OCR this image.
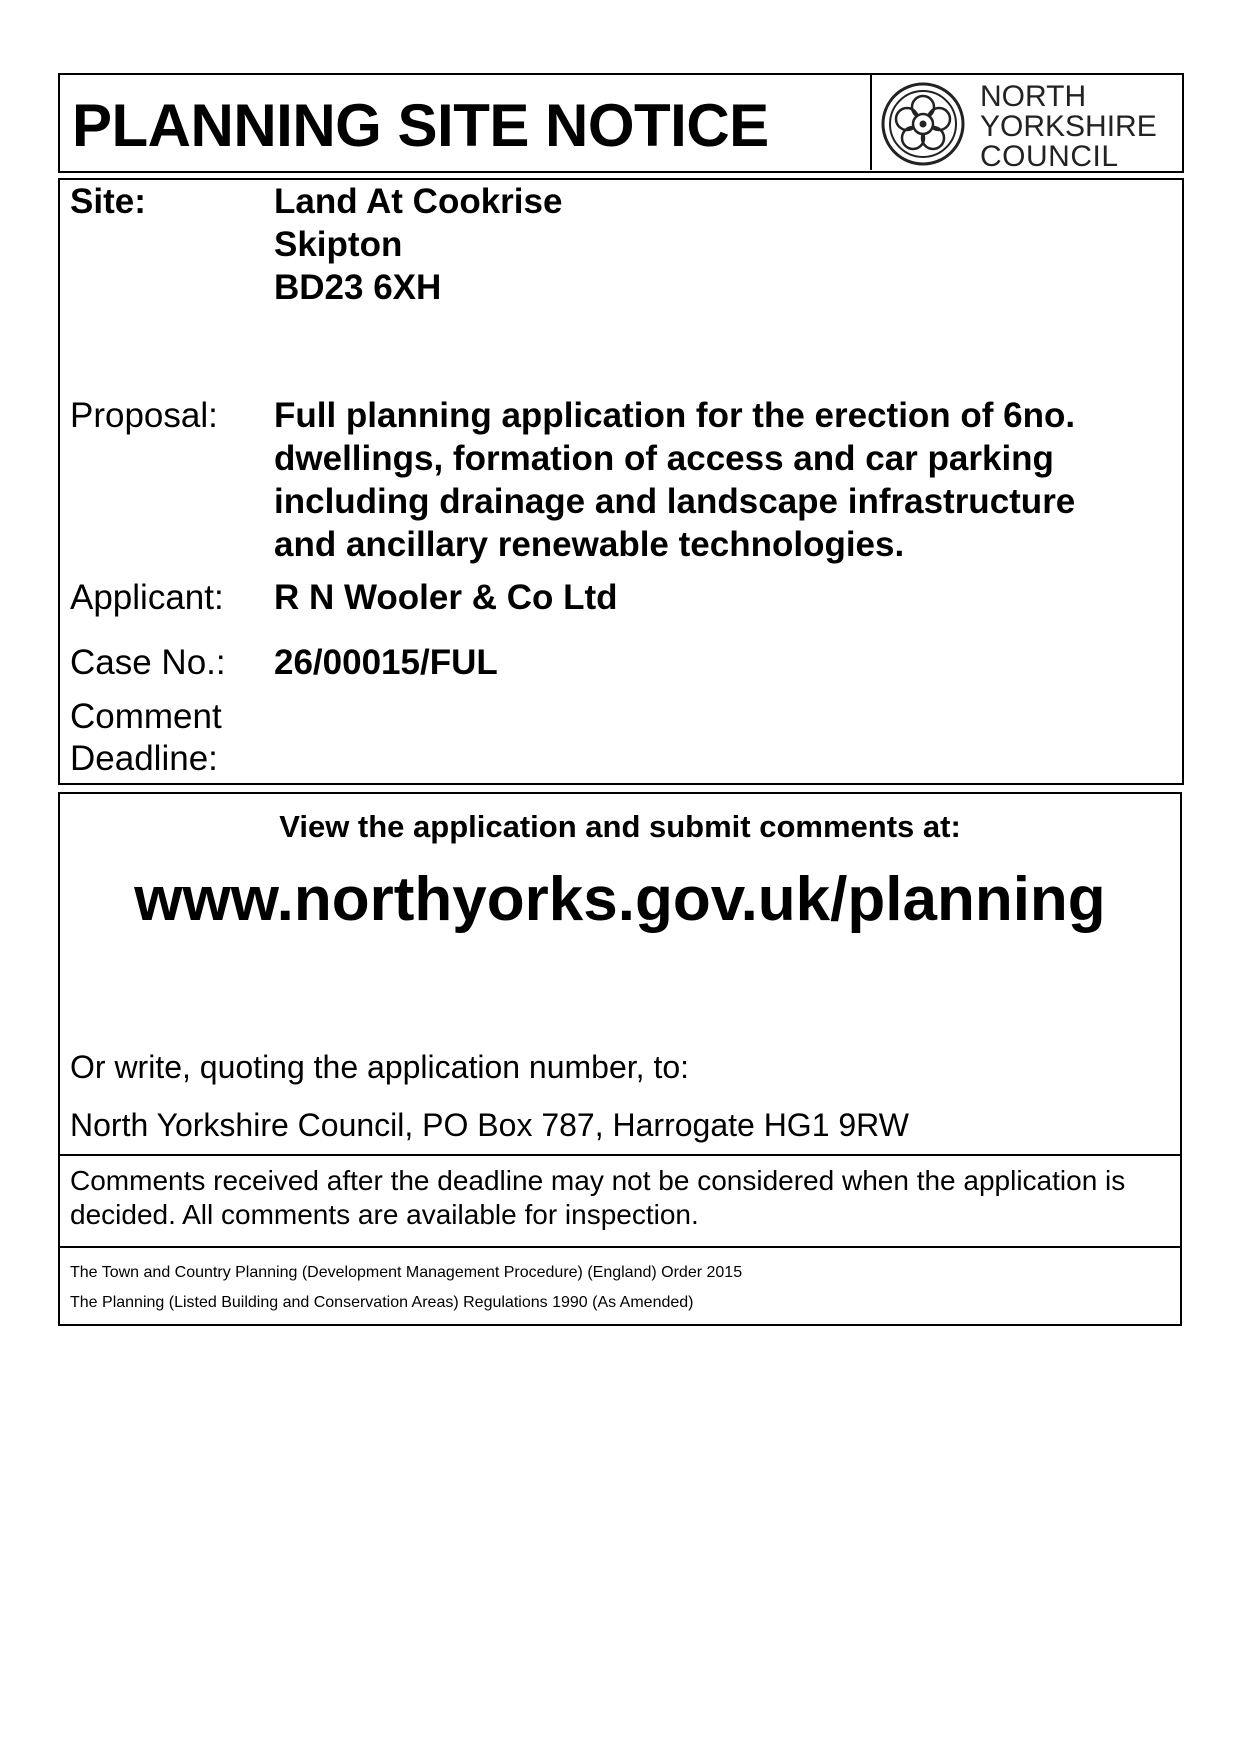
PLANNING SITE NOTICE	NORTH
YORKSHIRE
COUNCIL
Site:	Land At Cookrise
Skipton
BD23 6XH
Proposal: Full planning application for the erection of 6no.
dwellings, formation of access and car parking
including drainage and landscape infrastructure
and ancillary renewable technologies.
Applicant: R N Wooler & Co Ltd
Case No.: 26/00015/FUL
Comment
Deadline:
View the application and submit comments at:
www.northyorks.gov.uk/planning
Or write, quoting the application number, to:
North Yorkshire Council, PO Box 787, Harrogate HG1 9RW
Comments received after the deadline may not be considered when the application is
decided. All comments are available for inspection.
The Town and Country Planning (Development Management Procedure) (England) Order 2015
The Planning (Listed Building and Conservation Areas) Regulations 1990 (As Amended)
